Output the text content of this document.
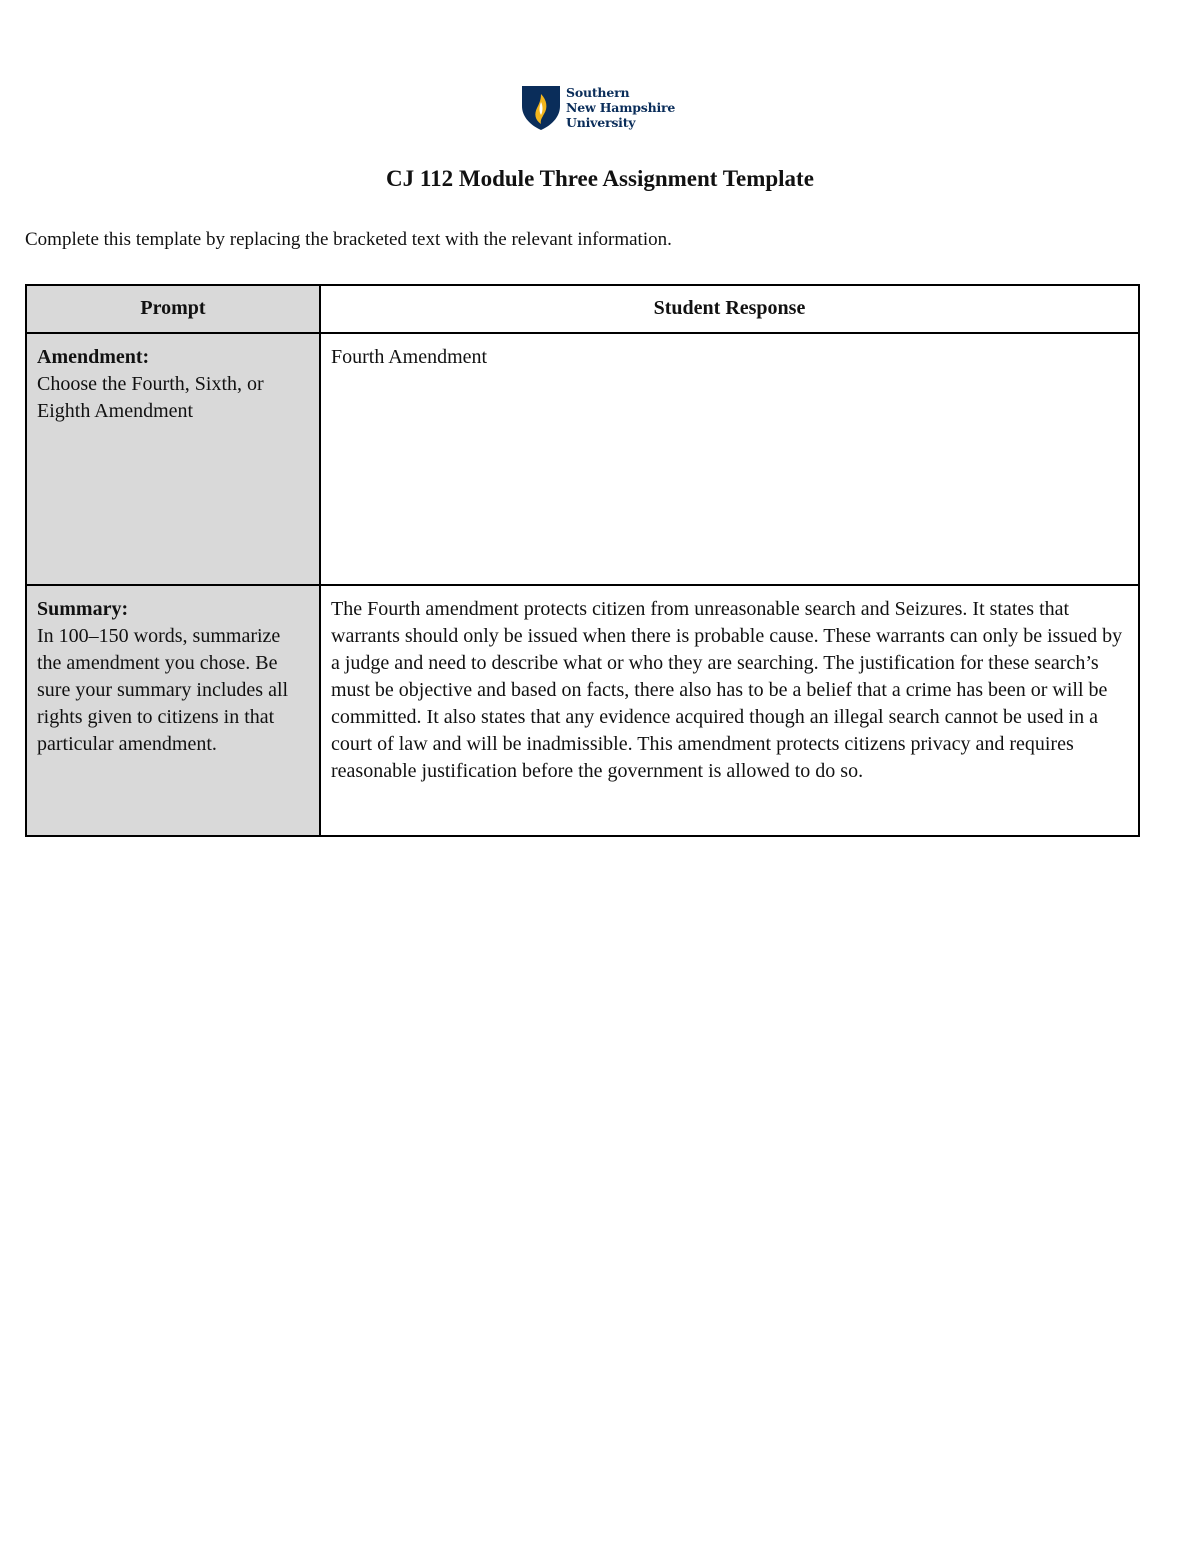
Southern
New Hampshire
University
CJ 112 Module Three Assignment Template
Complete this template by replacing the bracketed text with the relevant information.
Prompt	Student Response

Amendment:
Choose the Fourth, Sixth, or Eighth Amendment	Fourth Amendment

Summary:
In 100–150 words, summarize the amendment you chose. Be sure your summary includes all rights given to citizens in that particular amendment.	The Fourth amendment protects citizen from unreasonable search and Seizures. It states that warrants should only be issued when there is probable cause. These warrants can only be issued by a judge and need to describe what or who they are searching. The justification for these search’s must be objective and based on facts, there also has to be a belief that a crime has been or will be committed. It also states that any evidence acquired though an illegal search cannot be used in a court of law and will be inadmissible. This amendment protects citizens privacy and requires reasonable justification before the government is allowed to do so.
